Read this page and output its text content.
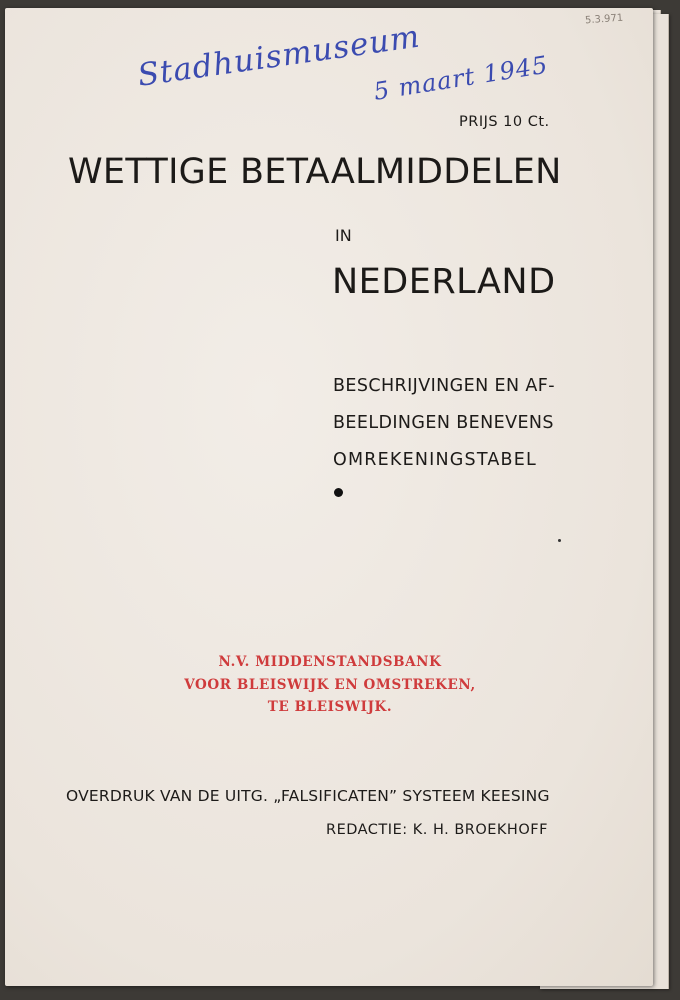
5.3.971
Stadhuismuseum
5 maart 1945
PRIJS 10 Ct.
WETTIGE BETAALMIDDELEN
IN
NEDERLAND
BESCHRIJVINGEN EN AF-
BEELDINGEN BENEVENS
OMREKENINGSTABEL
N.V. MIDDENSTANDSBANK
VOOR BLEISWIJK EN OMSTREKEN,
TE BLEISWIJK.
OVERDRUK VAN DE UITG. „FALSIFICATEN” SYSTEEM KEESING
REDACTIE: K. H. BROEKHOFF
